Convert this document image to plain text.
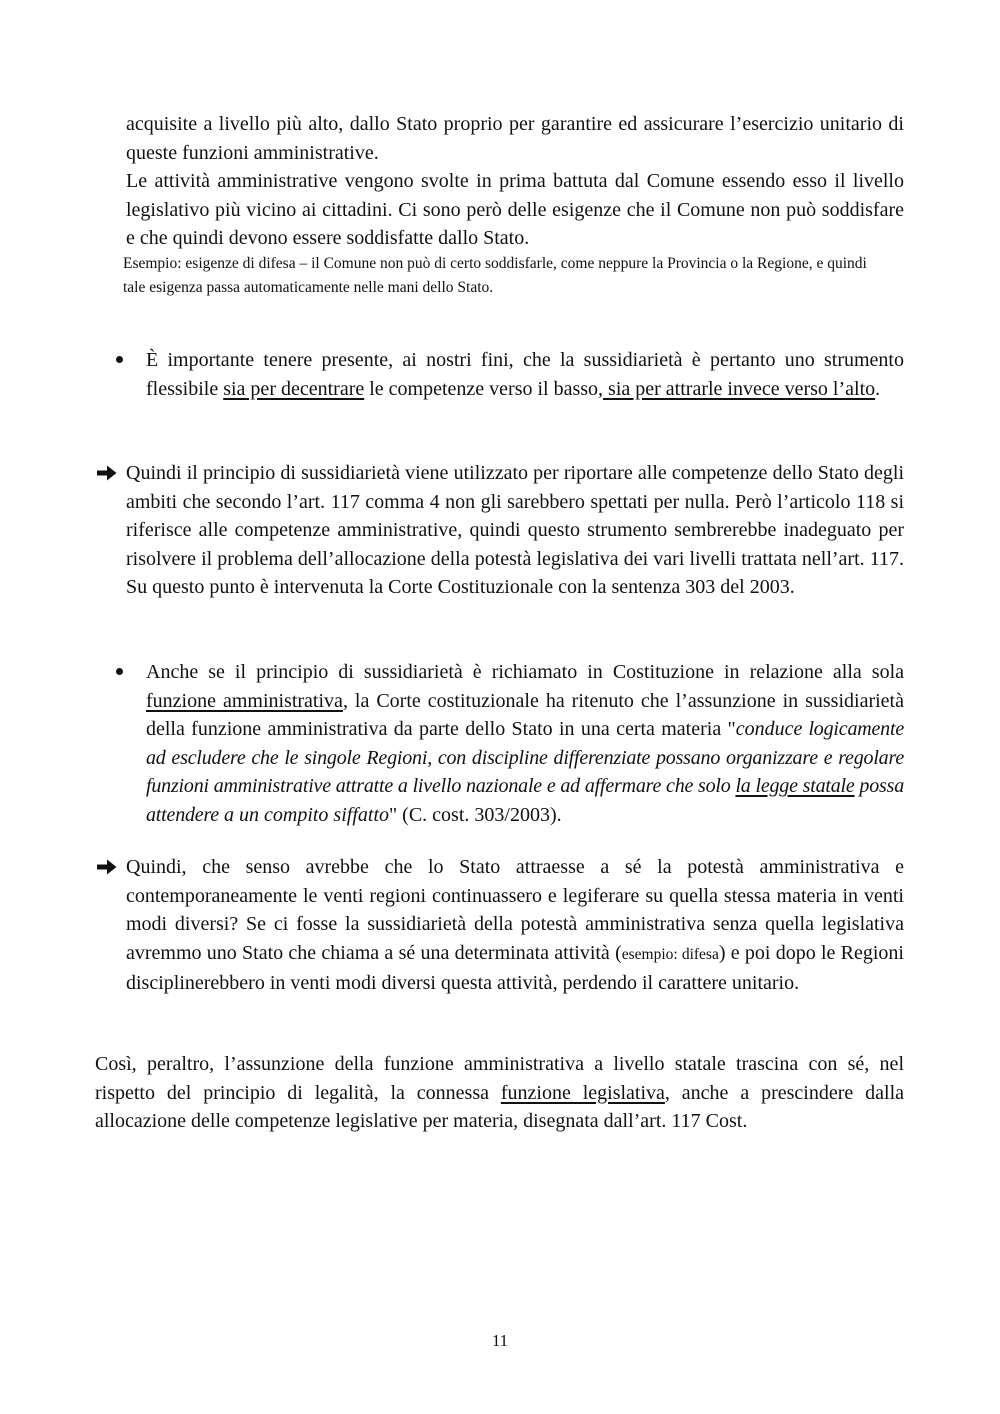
acquisite a livello più alto, dallo Stato proprio per garantire ed assicurare l’esercizio unitario di queste funzioni amministrative.

Le attività amministrative vengono svolte in prima battuta dal Comune essendo esso il livello legislativo più vicino ai cittadini. Ci sono però delle esigenze che il Comune non può soddisfare e che quindi devono essere soddisfatte dallo Stato.

Esempio: esigenze di difesa – il Comune non può di certo soddisfarle, come neppure la Provincia o la Regione, e quindi tale esigenza passa automaticamente nelle mani dello Stato.

È importante tenere presente, ai nostri fini, che la sussidiarietà è pertanto uno strumento flessibile sia per decentrare le competenze verso il basso, sia per attrarle invece verso l’alto.

Quindi il principio di sussidiarietà viene utilizzato per riportare alle competenze dello Stato degli ambiti che secondo l’art. 117 comma 4 non gli sarebbero spettati per nulla. Però l’articolo 118 si riferisce alle competenze amministrative, quindi questo strumento sembrerebbe inadeguato per risolvere il problema dell’allocazione della potestà legislativa dei vari livelli trattata nell’art. 117. Su questo punto è intervenuta la Corte Costituzionale con la sentenza 303 del 2003.

Anche se il principio di sussidiarietà è richiamato in Costituzione in relazione alla sola funzione amministrativa, la Corte costituzionale ha ritenuto che l’assunzione in sussidiarietà della funzione amministrativa da parte dello Stato in una certa materia "conduce logicamente ad escludere che le singole Regioni, con discipline differenziate possano organizzare e regolare funzioni amministrative attratte a livello nazionale e ad affermare che solo la legge statale possa attendere a un compito siffatto" (C. cost. 303/2003).

Quindi, che senso avrebbe che lo Stato attraesse a sé la potestà amministrativa e contemporaneamente le venti regioni continuassero e legiferare su quella stessa materia in venti modi diversi? Se ci fosse la sussidiarietà della potestà amministrativa senza quella legislativa avremmo uno Stato che chiama a sé una determinata attività (esempio: difesa) e poi dopo le Regioni disciplinerebbero in venti modi diversi questa attività, perdendo il carattere unitario.

Così, peraltro, l’assunzione della funzione amministrativa a livello statale trascina con sé, nel rispetto del principio di legalità, la connessa funzione legislativa, anche a prescindere dalla allocazione delle competenze legislative per materia, disegnata dall’art. 117 Cost.

11
